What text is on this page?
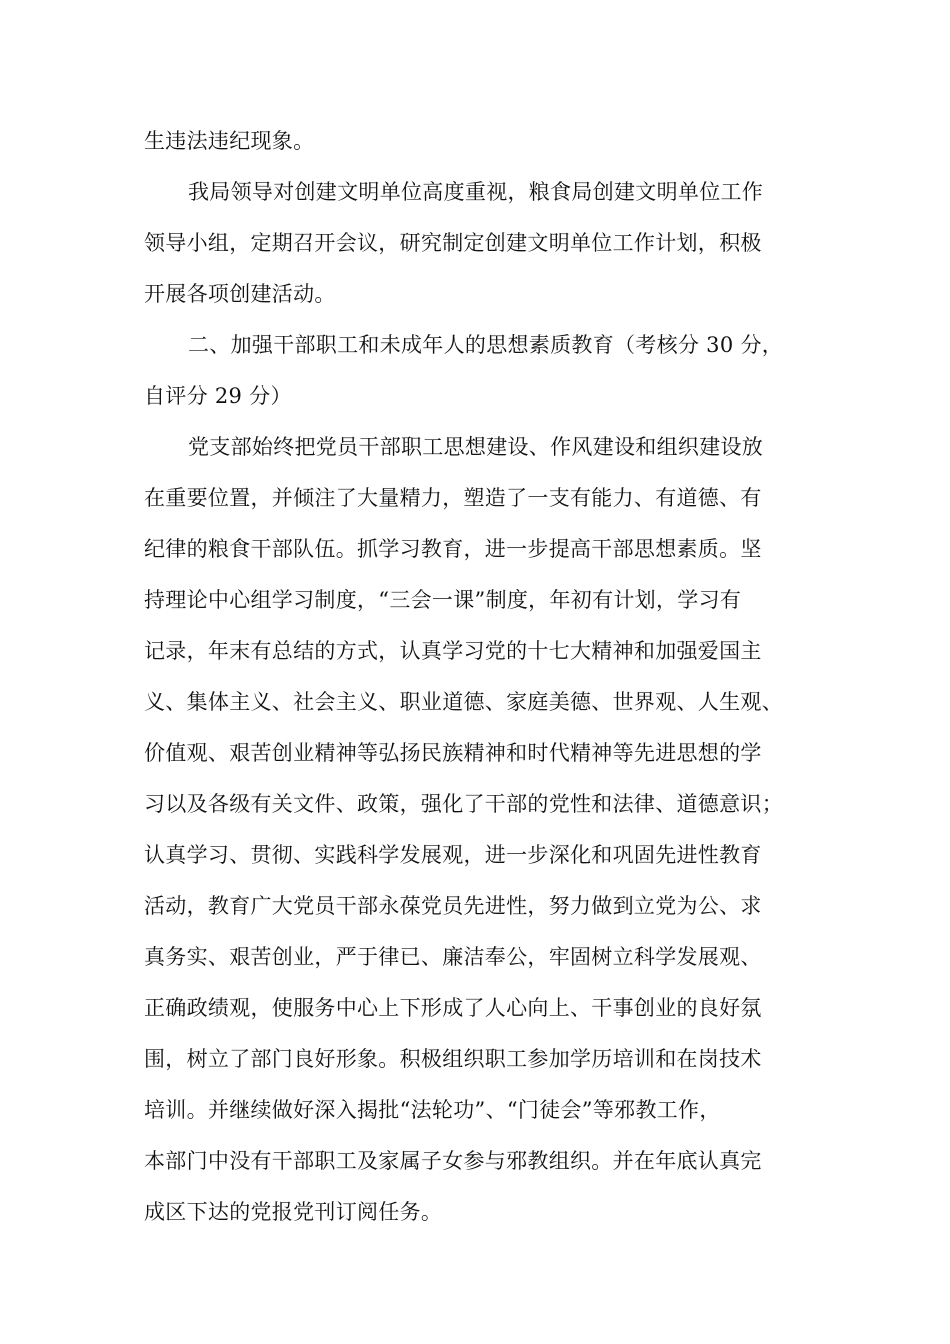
生违法违纪现象。

我局领导对创建文明单位高度重视，粮食局创建文明单位工作

领导小组，定期召开会议，研究制定创建文明单位工作计划，积极

开展各项创建活动。

二、加强干部职工和未成年人的思想素质教育（考核分 30 分，

自评分 29 分）

党支部始终把党员干部职工思想建设、作风建设和组织建设放

在重要位置，并倾注了大量精力，塑造了一支有能力、有道德、有

纪律的粮食干部队伍。抓学习教育，进一步提高干部思想素质。坚

持理论中心组学习制度，“三会一课”制度，年初有计划，学习有

记录，年末有总结的方式，认真学习党的十七大精神和加强爱国主

义、集体主义、社会主义、职业道德、家庭美德、世界观、人生观、

价值观、艰苦创业精神等弘扬民族精神和时代精神等先进思想的学

习以及各级有关文件、政策，强化了干部的党性和法律、道德意识；

认真学习、贯彻、实践科学发展观，进一步深化和巩固先进性教育

活动，教育广大党员干部永葆党员先进性，努力做到立党为公、求

真务实、艰苦创业，严于律已、廉洁奉公，牢固树立科学发展观、

正确政绩观，使服务中心上下形成了人心向上、干事创业的良好氛

围，树立了部门良好形象。积极组织职工参加学历培训和在岗技术

培训。并继续做好深入揭批“法轮功”、“门徒会”等邪教工作，

本部门中没有干部职工及家属子女参与邪教组织。并在年底认真完

成区下达的党报党刊订阅任务。
